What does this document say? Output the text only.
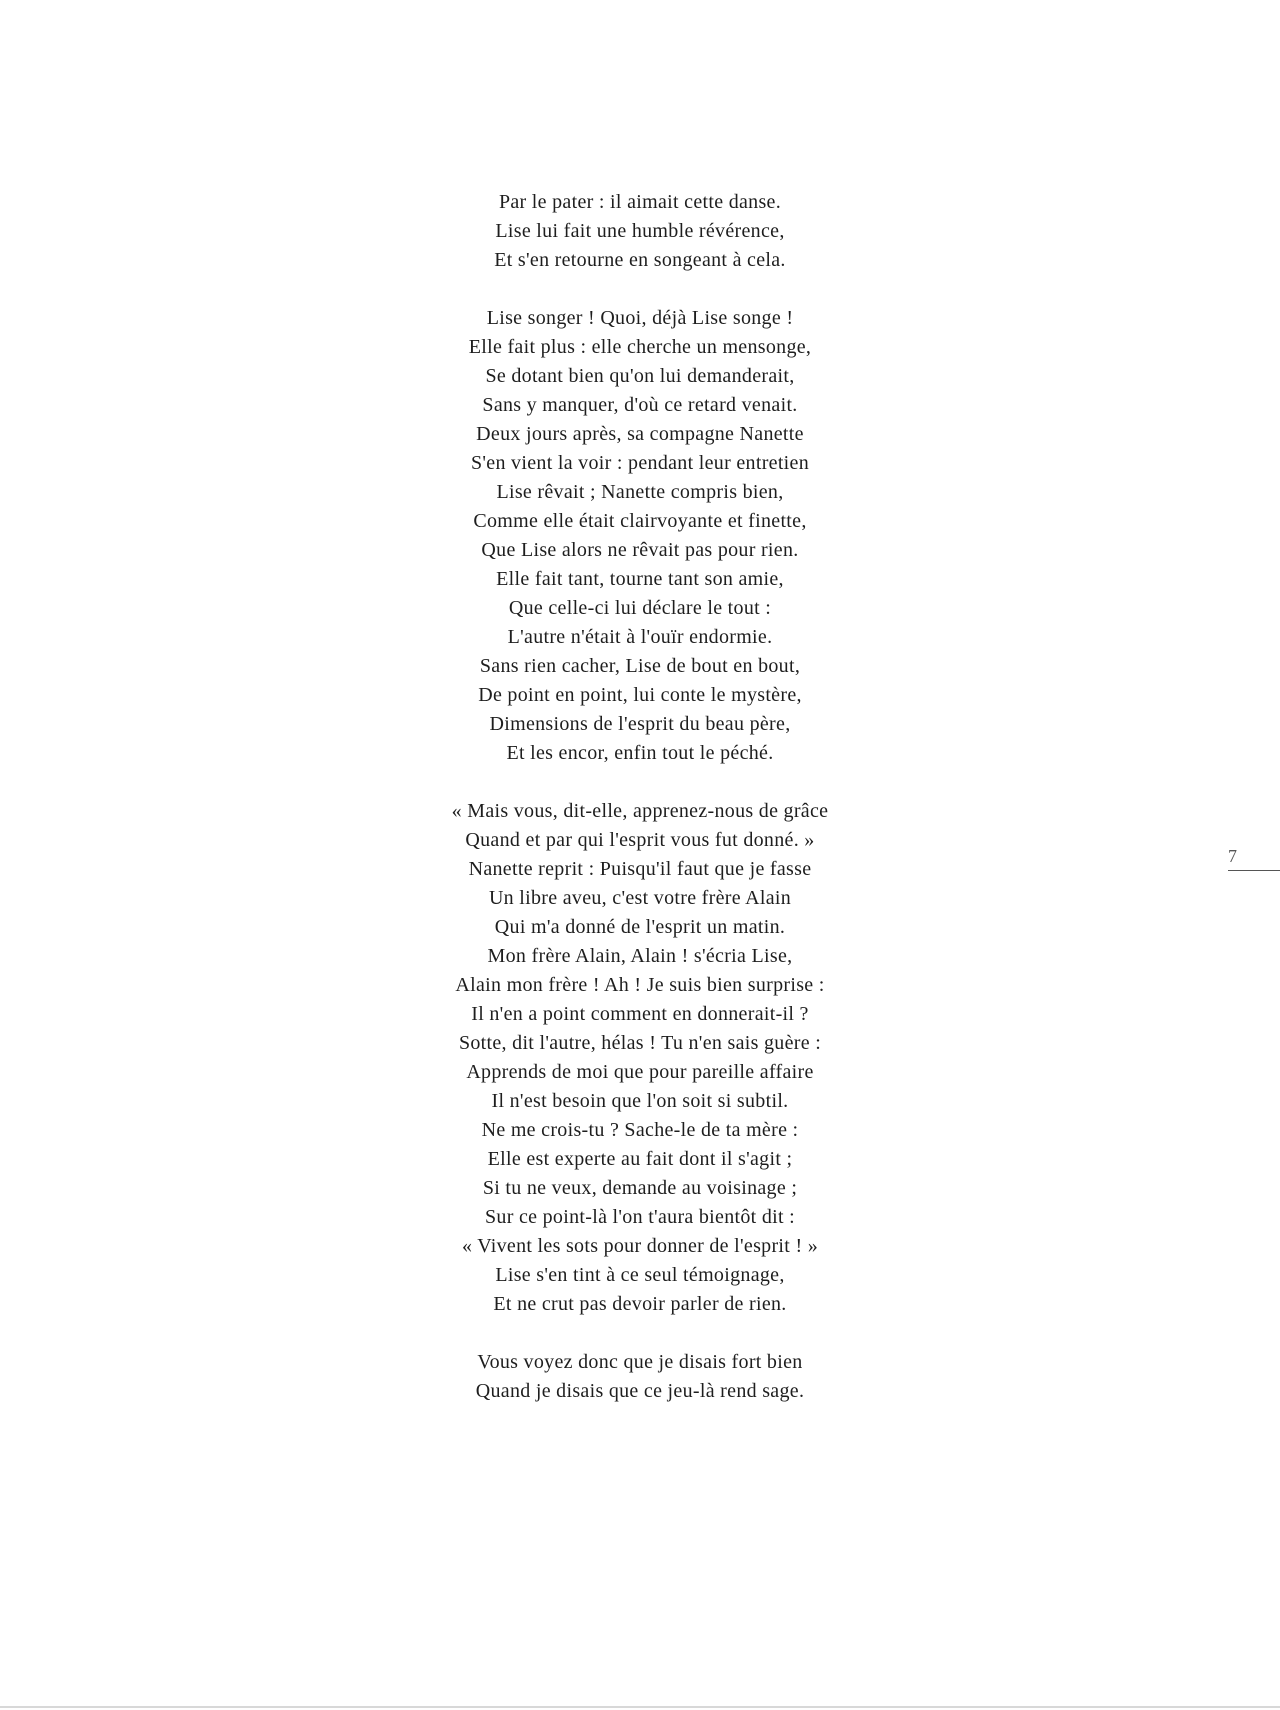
Par le pater : il aimait cette danse.
Lise lui fait une humble révérence,
Et s'en retourne en songeant à cela.
Lise songer ! Quoi, déjà Lise songe !
Elle fait plus : elle cherche un mensonge,
Se dotant bien qu'on lui demanderait,
Sans y manquer, d'où ce retard venait.
Deux jours après, sa compagne Nanette
S'en vient la voir : pendant leur entretien
Lise rêvait ; Nanette compris bien,
Comme elle était clairvoyante et finette,
Que Lise alors ne rêvait pas pour rien.
Elle fait tant, tourne tant son amie,
Que celle-ci lui déclare le tout :
L'autre n'était à l'ouïr endormie.
Sans rien cacher, Lise de bout en bout,
De point en point, lui conte le mystère,
Dimensions de l'esprit du beau père,
Et les encor, enfin tout le péché.
« Mais vous, dit-elle, apprenez-nous de grâce
Quand et par qui l'esprit vous fut donné. »
Nanette reprit : Puisqu'il faut que je fasse
Un libre aveu, c'est votre frère Alain
Qui m'a donné de l'esprit un matin.
Mon frère Alain, Alain ! s'écria Lise,
Alain mon frère ! Ah ! Je suis bien surprise :
Il n'en a point comment en donnerait-il ?
Sotte, dit l'autre, hélas ! Tu n'en sais guère :
Apprends de moi que pour pareille affaire
Il n'est besoin que l'on soit si subtil.
Ne me crois-tu ? Sache-le de ta mère :
Elle est experte au fait dont il s'agit ;
Si tu ne veux, demande au voisinage ;
Sur ce point-là l'on t'aura bientôt dit :
« Vivent les sots pour donner de l'esprit ! »
Lise s'en tint à ce seul témoignage,
Et ne crut pas devoir parler de rien.
Vous voyez donc que je disais fort bien
Quand je disais que ce jeu-là rend sage.
7
